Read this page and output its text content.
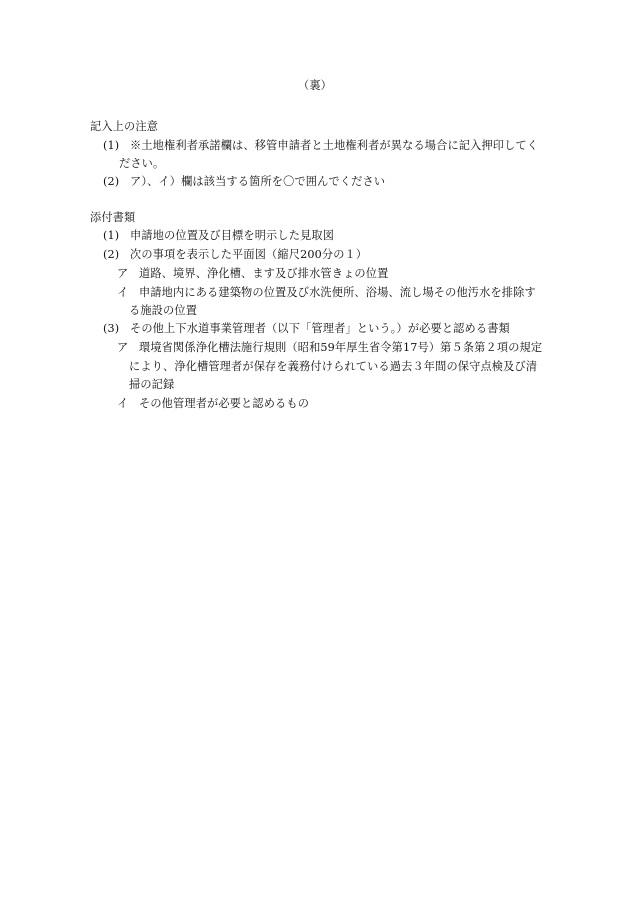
（裏）
記入上の注意
(1) ※土地権利者承諾欄は、移管申請者と土地権利者が異なる場合に記入押印してく
ださい。
(2) ア）、イ）欄は該当する箇所を〇で囲んでください
添付書類
(1) 申請地の位置及び目標を明示した見取図
(2) 次の事項を表示した平面図（縮尺200分の１）
ア 道路、境界、浄化槽、ます及び排水管きょの位置
イ 申請地内にある建築物の位置及び水洗便所、浴場、流し場その他汚水を排除す
る施設の位置
(3) その他上下水道事業管理者（以下「管理者」という。）が必要と認める書類
ア 環境省関係浄化槽法施行規則（昭和59年厚生省令第17号）第５条第２項の規定
により、浄化槽管理者が保存を義務付けられている過去３年間の保守点検及び清
掃の記録
イ その他管理者が必要と認めるもの
